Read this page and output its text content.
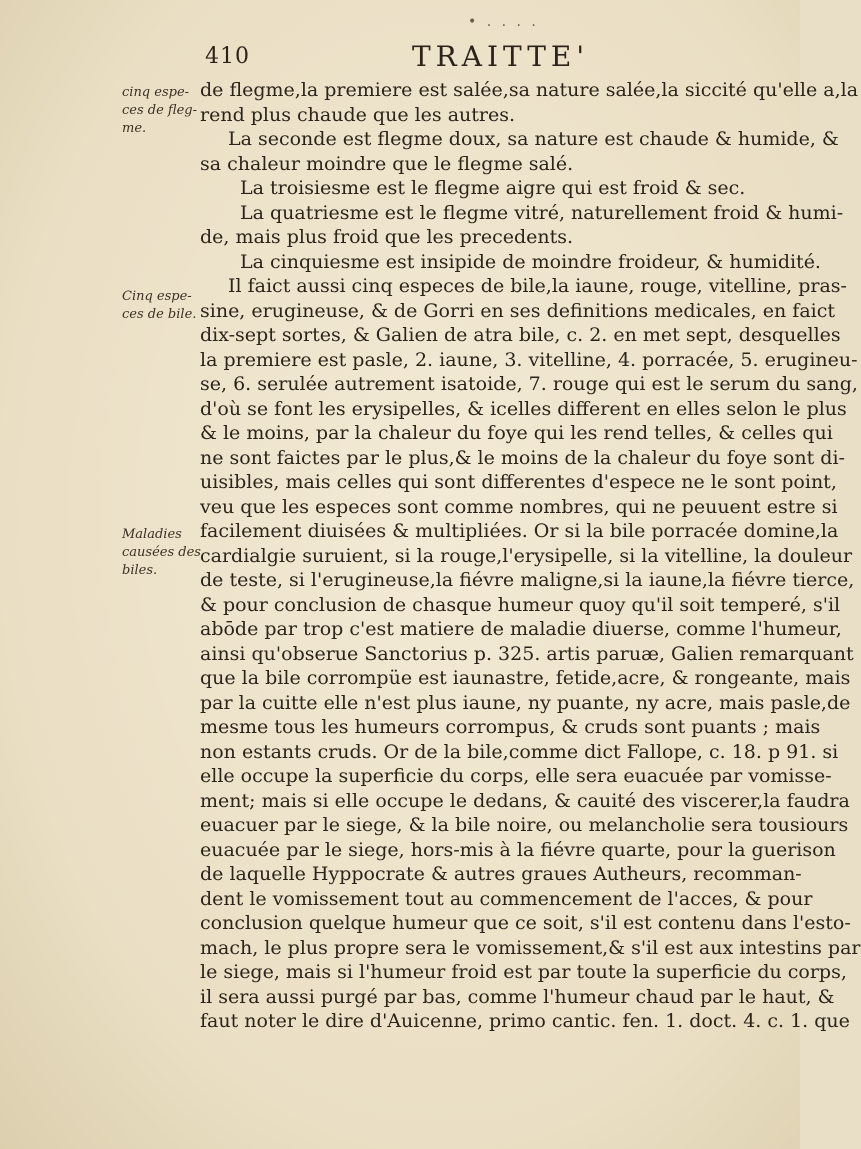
• . . . .
410	TRAITTE'
cinq espe-
ces de fleg-
me.
Cinq espe-
ces de bile.
Maladies
causées des
biles.
de flegme,la premiere est salée,sa nature salée,la siccité qu'elle a,la
rend plus chaude que les autres.
La seconde est flegme doux, sa nature est chaude & humide, &
sa chaleur moindre que le flegme salé.
La troisiesme est le flegme aigre qui est froid & sec.
La quatriesme est le flegme vitré, naturellement froid & humi-
de, mais plus froid que les precedents.
La cinquiesme est insipide de moindre froideur, & humidité.
Il faict aussi cinq especes de bile,la iaune, rouge, vitelline, pras-
sine, erugineuse, & de Gorri en ses definitions medicales, en faict
dix-sept sortes, & Galien de atra bile, c. 2. en met sept, desquelles
la premiere est pasle, 2. iaune, 3. vitelline, 4. porracée, 5. erugineu-
se, 6. serulée autrement isatoide, 7. rouge qui est le serum du sang,
d'où se font les erysipelles, & icelles different en elles selon le plus
& le moins, par la chaleur du foye qui les rend telles, & celles qui
ne sont faictes par le plus,& le moins de la chaleur du foye sont di-
uisibles, mais celles qui sont differentes d'espece ne le sont point,
veu que les especes sont comme nombres, qui ne peuuent estre si
facilement diuisées & multipliées. Or si la bile porracée domine,la
cardialgie suruient, si la rouge,l'erysipelle, si la vitelline, la douleur
de teste, si l'erugineuse,la fiévre maligne,si la iaune,la fiévre tierce,
& pour conclusion de chasque humeur quoy qu'il soit temperé, s'il
abōde par trop c'est matiere de maladie diuerse, comme l'humeur,
ainsi qu'obserue Sanctorius p. 325. artis paruæ, Galien remarquant
que la bile corrompüe est iaunastre, fetide,acre, & rongeante, mais
par la cuitte elle n'est plus iaune, ny puante, ny acre, mais pasle,de
mesme tous les humeurs corrompus, & cruds sont puants ; mais
non estants cruds. Or de la bile,comme dict Fallope, c. 18. p 91. si
elle occupe la superficie du corps, elle sera euacuée par vomisse-
ment; mais si elle occupe le dedans, & cauité des viscerer,la faudra
euacuer par le siege, & la bile noire, ou melancholie sera tousiours
euacuée par le siege, hors-mis à la fiévre quarte, pour la guerison
de laquelle Hyppocrate & autres graues Autheurs, recomman-
dent le vomissement tout au commencement de l'acces, & pour
conclusion quelque humeur que ce soit, s'il est contenu dans l'esto-
mach, le plus propre sera le vomissement,& s'il est aux intestins par
le siege, mais si l'humeur froid est par toute la superficie du corps,
il sera aussi purgé par bas, comme l'humeur chaud par le haut, &
faut noter le dire d'Auicenne, primo cantic. fen. 1. doct. 4. c. 1. que
